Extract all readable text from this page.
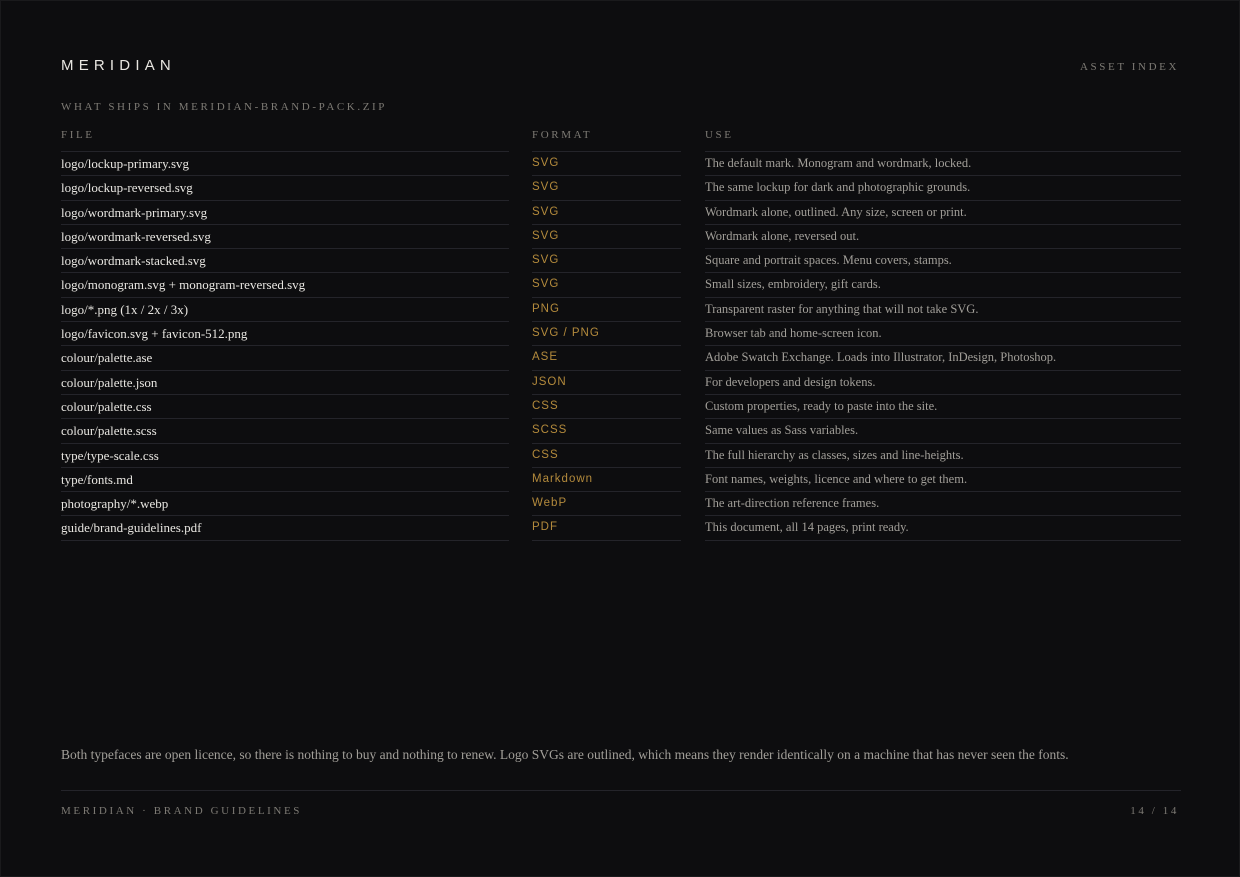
MERIDIAN	ASSET INDEX
WHAT SHIPS IN MERIDIAN-BRAND-PACK.ZIP
FILE
logo/lockup-primary.svg
logo/lockup-reversed.svg
logo/wordmark-primary.svg
logo/wordmark-reversed.svg
logo/wordmark-stacked.svg
logo/monogram.svg + monogram-reversed.svg
logo/*.png (1x / 2x / 3x)
logo/favicon.svg + favicon-512.png
colour/palette.ase
colour/palette.json
colour/palette.css
colour/palette.scss
type/type-scale.css
type/fonts.md
photography/*.webp
guide/brand-guidelines.pdf
FORMAT
SVG
SVG
SVG
SVG
SVG
SVG
PNG
SVG / PNG
ASE
JSON
CSS
SCSS
CSS
Markdown
WebP
PDF
USE
The default mark. Monogram and wordmark, locked.
The same lockup for dark and photographic grounds.
Wordmark alone, outlined. Any size, screen or print.
Wordmark alone, reversed out.
Square and portrait spaces. Menu covers, stamps.
Small sizes, embroidery, gift cards.
Transparent raster for anything that will not take SVG.
Browser tab and home-screen icon.
Adobe Swatch Exchange. Loads into Illustrator, InDesign, Photoshop.
For developers and design tokens.
Custom properties, ready to paste into the site.
Same values as Sass variables.
The full hierarchy as classes, sizes and line-heights.
Font names, weights, licence and where to get them.
The art-direction reference frames.
This document, all 14 pages, print ready.
Both typefaces are open licence, so there is nothing to buy and nothing to renew. Logo SVGs are outlined, which means they render identically on a machine that has never seen the fonts.
MERIDIAN · BRAND GUIDELINES	14 / 14
